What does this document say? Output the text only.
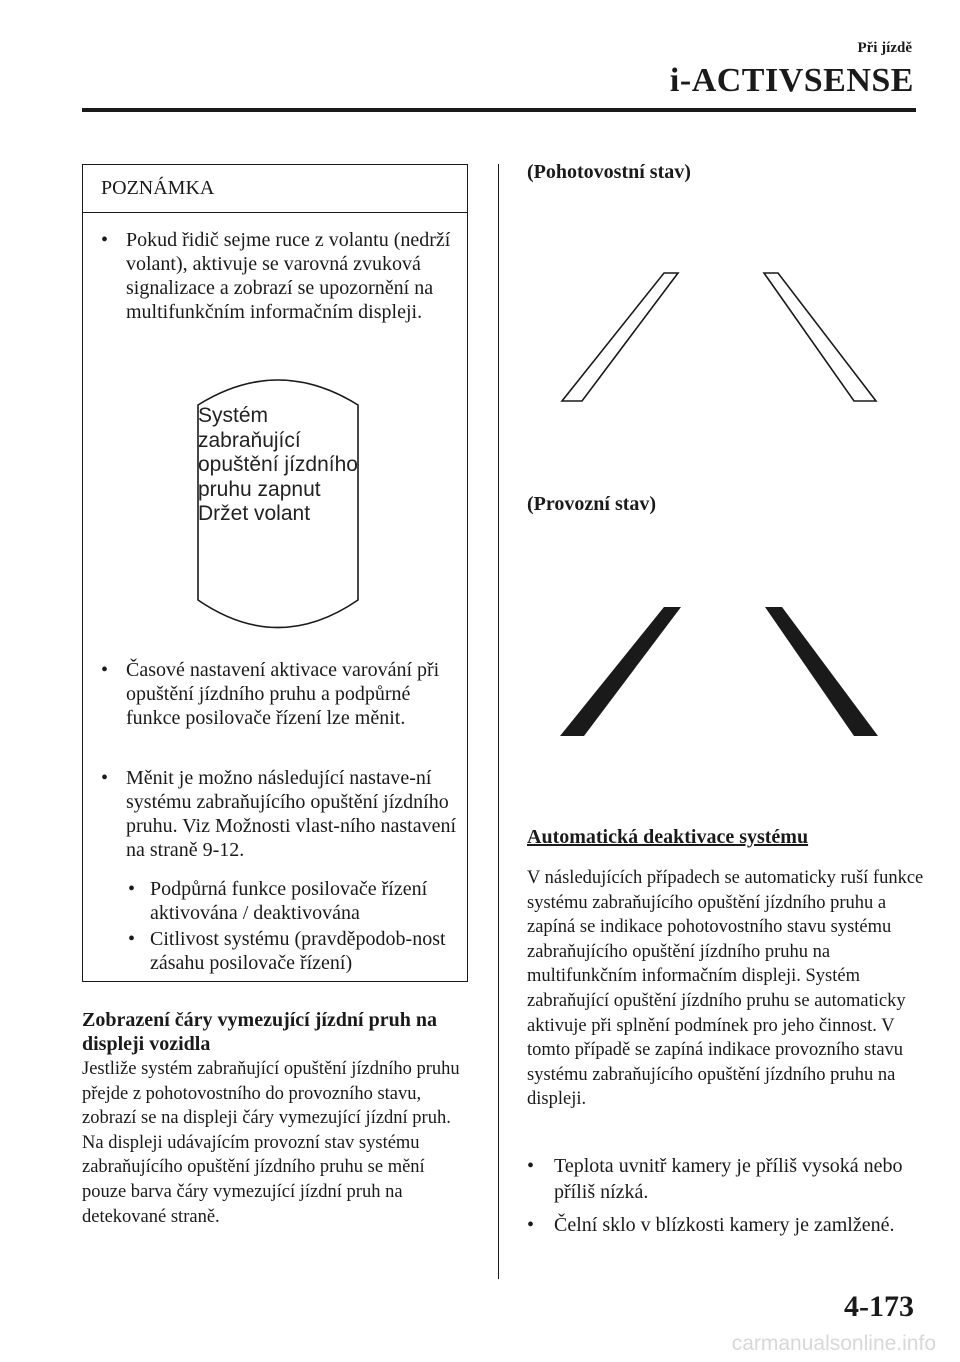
Při jízdě
i-ACTIVSENSE
POZNÁMKA
• Pokud řidič sejme ruce z volantu (nedrží volant), aktivuje se varovná zvuková signalizace a zobrazí se upozornění na multifunkčním informačním displeji.
• Časové nastavení aktivace varování při opuštění jízdního pruhu a podpůrné funkce posilovače řízení lze měnit.
• Měnit je možno následující nastave-ní systému zabraňujícího opuštění jízdního pruhu. Viz Možnosti vlast-ního nastavení na straně 9-12.
• Podpůrná funkce posilovače řízení aktivována / deaktivována
• Citlivost systému (pravděpodob-nost zásahu posilovače řízení)
Systém
zabraňující
opuštění jízdního
pruhu zapnut
Držet volant
Zobrazení čáry vymezující jízdní pruh na displeji vozidla
Jestliže systém zabraňující opuštění jízdního pruhu přejde z pohotovostního do provozního stavu, zobrazí se na displeji čáry vymezující jízdní pruh. Na displeji udávajícím provozní stav systému zabraňujícího opuštění jízdního pruhu se mění pouze barva čáry vymezující jízdní pruh na detekované straně.
(Pohotovostní stav)
(Provozní stav)
Automatická deaktivace systému
V následujících případech se automaticky ruší funkce systému zabraňujícího opuštění jízdního pruhu a zapíná se indikace pohotovostního stavu systému zabraňujícího opuštění jízdního pruhu na multifunkčním informačním displeji. Systém zabraňující opuštění jízdního pruhu se automaticky aktivuje při splnění podmínek pro jeho činnost. V tomto případě se zapíná indikace provozního stavu systému zabraňujícího opuštění jízdního pruhu na displeji.
• Teplota uvnitř kamery je příliš vysoká nebo příliš nízká.
• Čelní sklo v blízkosti kamery je zamlžené.
4-173
carmanualsonline.info
